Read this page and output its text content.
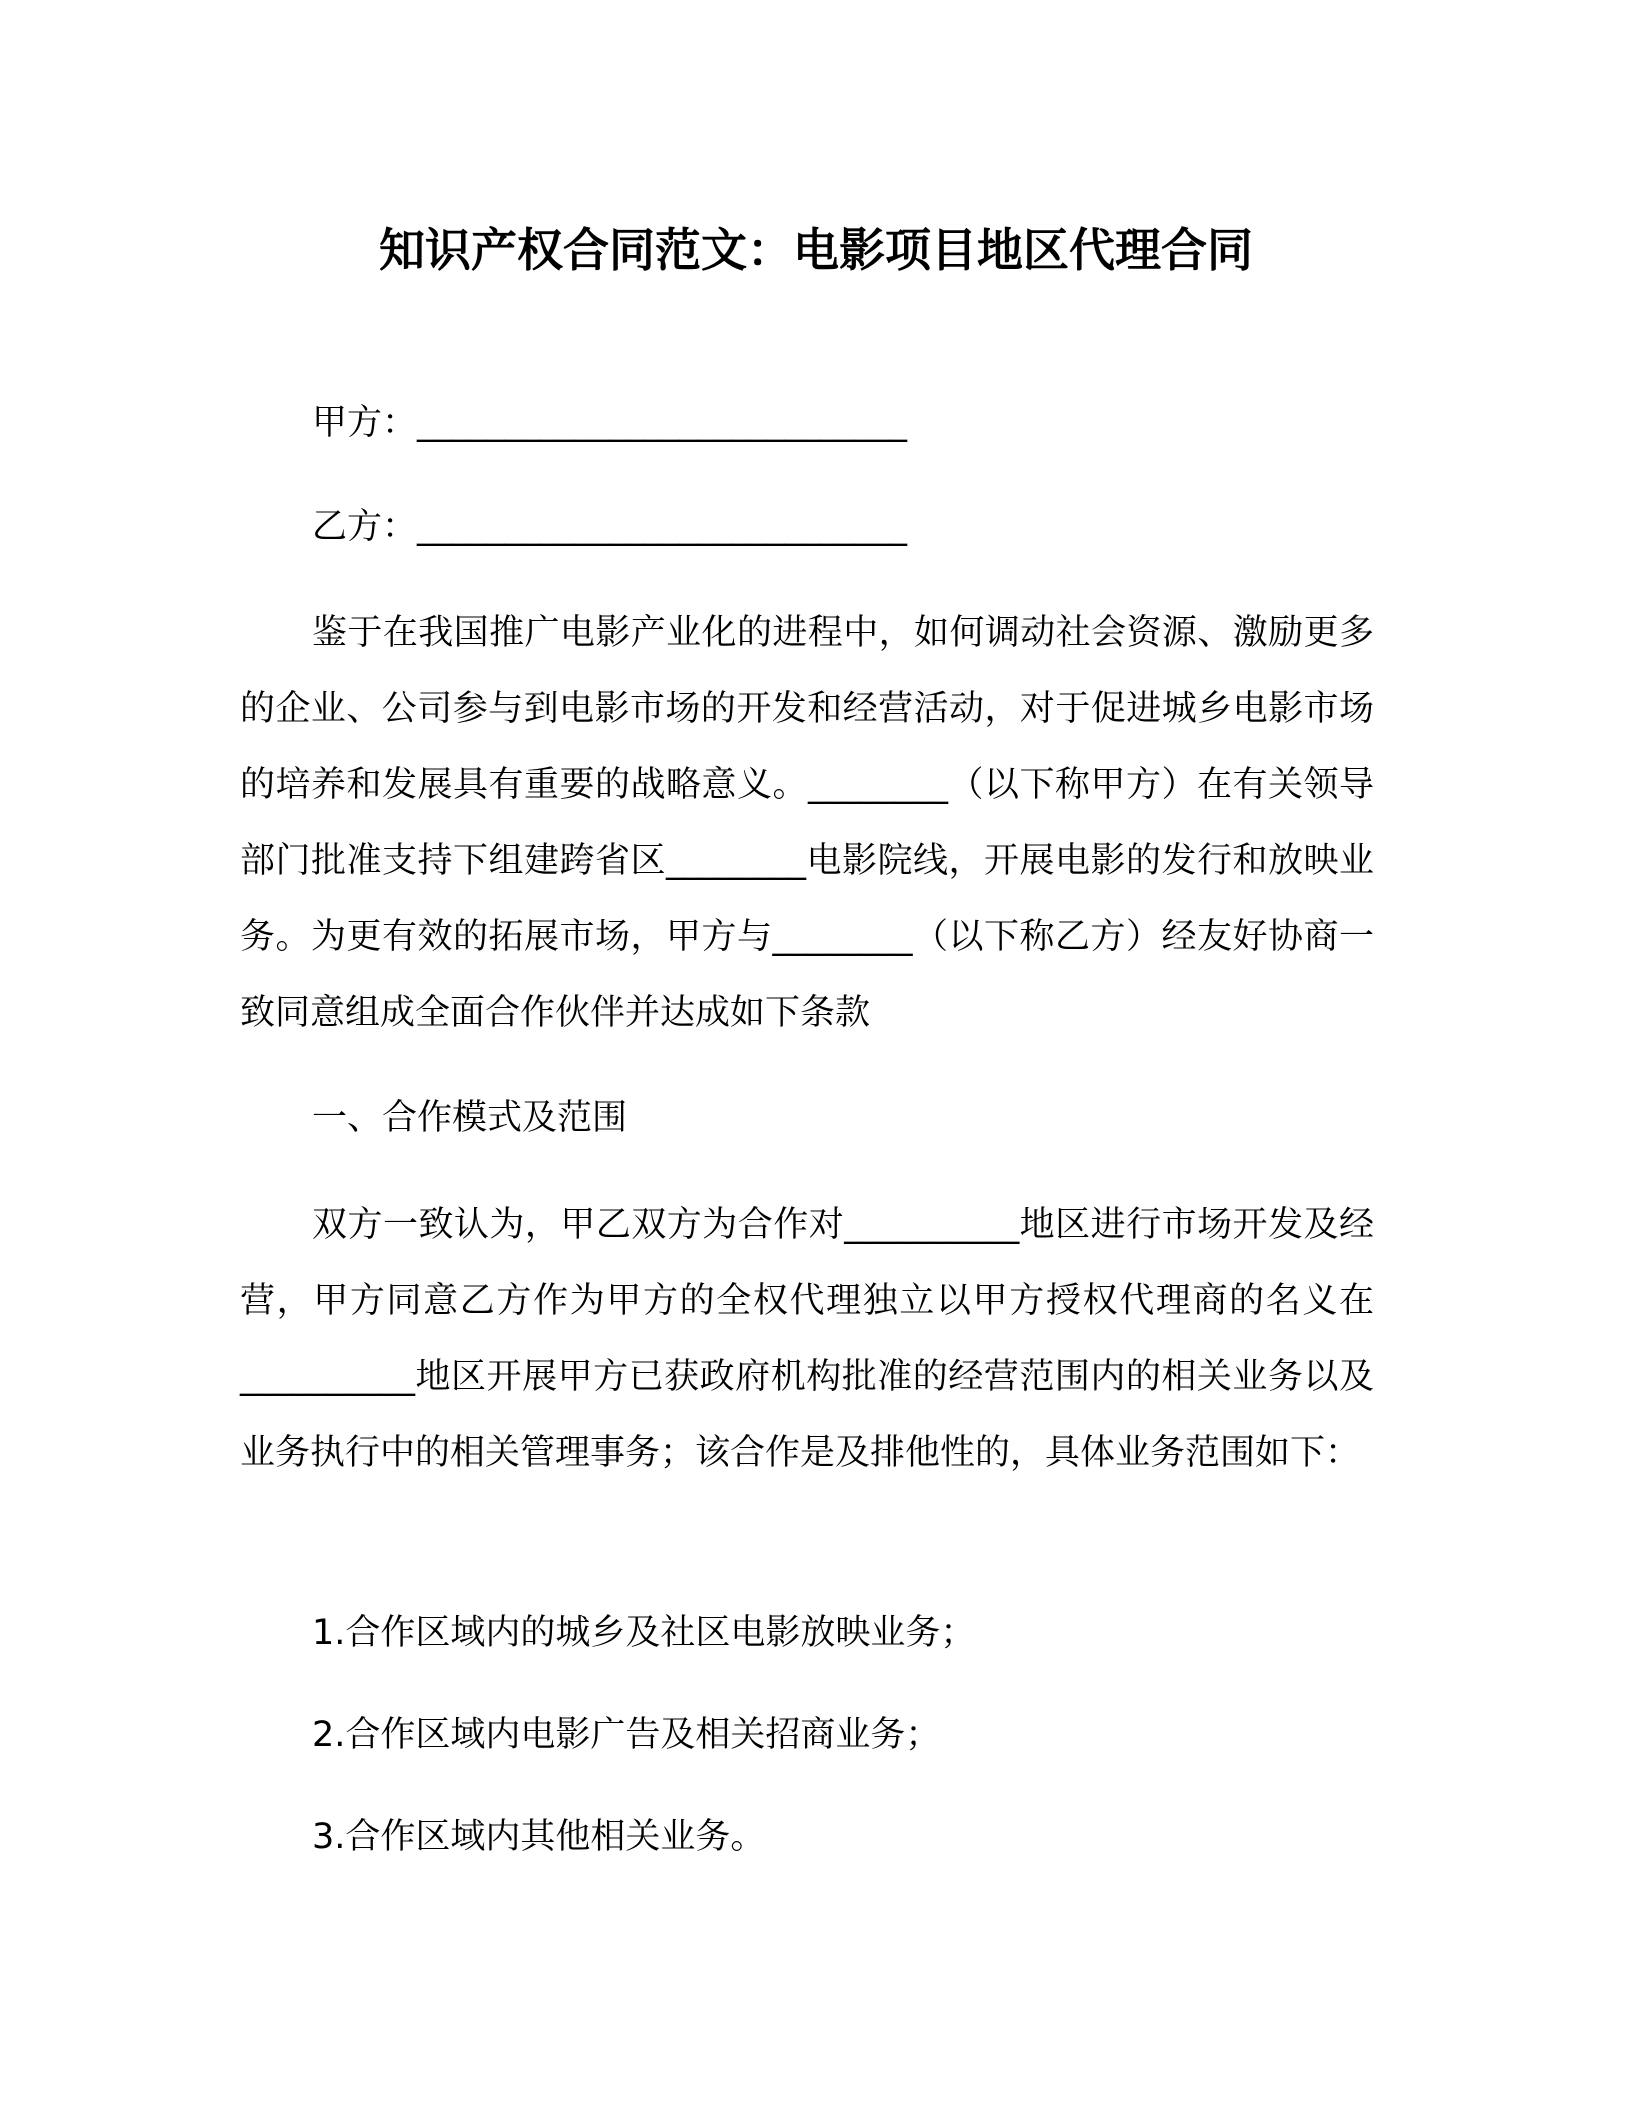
知识产权合同范文：电影项目地区代理合同
甲方：____________________________
乙方：____________________________

鉴于在我国推广电影产业化的进程中，如何调动社会资源、激励更多的企业、公司参与到电影市场的开发和经营活动，对于促进城乡电影市场的培养和发展具有重要的战略意义。________（以下称甲方）在有关领导部门批准支持下组建跨省区________电影院线，开展电影的发行和放映业务。为更有效的拓展市场，甲方与________（以下称乙方）经友好协商一致同意组成全面合作伙伴并达成如下条款

一、合作模式及范围

双方一致认为，甲乙双方为合作对__________地区进行市场开发及经营，甲方同意乙方作为甲方的全权代理独立以甲方授权代理商的名义在__________地区开展甲方已获政府机构批准的经营范围内的相关业务以及业务执行中的相关管理事务；该合作是及排他性的，具体业务范围如下：

1.合作区域内的城乡及社区电影放映业务；
2.合作区域内电影广告及相关招商业务；
3.合作区域内其他相关业务。
